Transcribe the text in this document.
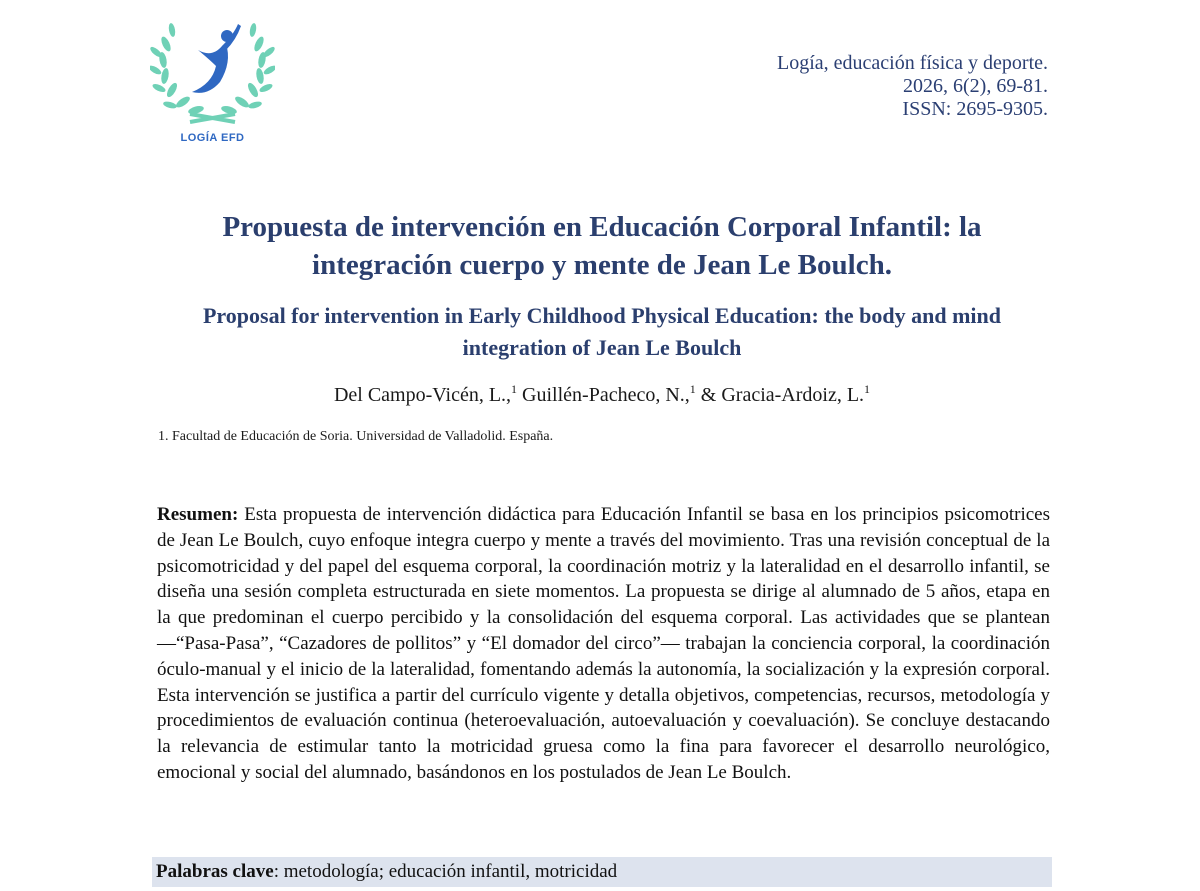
LOGÍA EFD
Logía, educación física y deporte.
2026, 6(2), 69-81.
ISSN: 2695-9305.
Propuesta de intervención en Educación Corporal Infantil: la integración cuerpo y mente de Jean Le Boulch.
Proposal for intervention in Early Childhood Physical Education: the body and mind integration of Jean Le Boulch
Del Campo-Vicén, L.,$^1$ Guillén-Pacheco, N.,$^1$ & Gracia-Ardoiz, L.$^1$
1. Facultad de Educación de Soria. Universidad de Valladolid. España.
Resumen: Esta propuesta de intervención didáctica para Educación Infantil se basa en los principios psicomotrices de Jean Le Boulch, cuyo enfoque integra cuerpo y mente a través del movimiento. Tras una revisión conceptual de la psicomotricidad y del papel del esquema corporal, la coordinación motriz y la lateralidad en el desarrollo infantil, se diseña una sesión completa estructurada en siete momentos. La propuesta se dirige al alumnado de 5 años, etapa en la que predominan el cuerpo percibido y la consolidación del esquema corporal. Las actividades que se plantean —“Pasa-Pasa”, “Cazadores de pollitos” y “El domador del circo”— trabajan la conciencia corporal, la coordinación óculo-manual y el inicio de la lateralidad, fomentando además la autonomía, la socialización y la expresión corporal. Esta intervención se justifica a partir del currículo vigente y detalla objetivos, competencias, recursos, metodología y procedimientos de evaluación continua (heteroevaluación, autoevaluación y coevaluación). Se concluye destacando la relevancia de estimular tanto la motricidad gruesa como la fina para favorecer el desarrollo neurológico, emocional y social del alumnado, basándonos en los postulados de Jean Le Boulch.
Palabras clave: metodología; educación infantil, motricidad
